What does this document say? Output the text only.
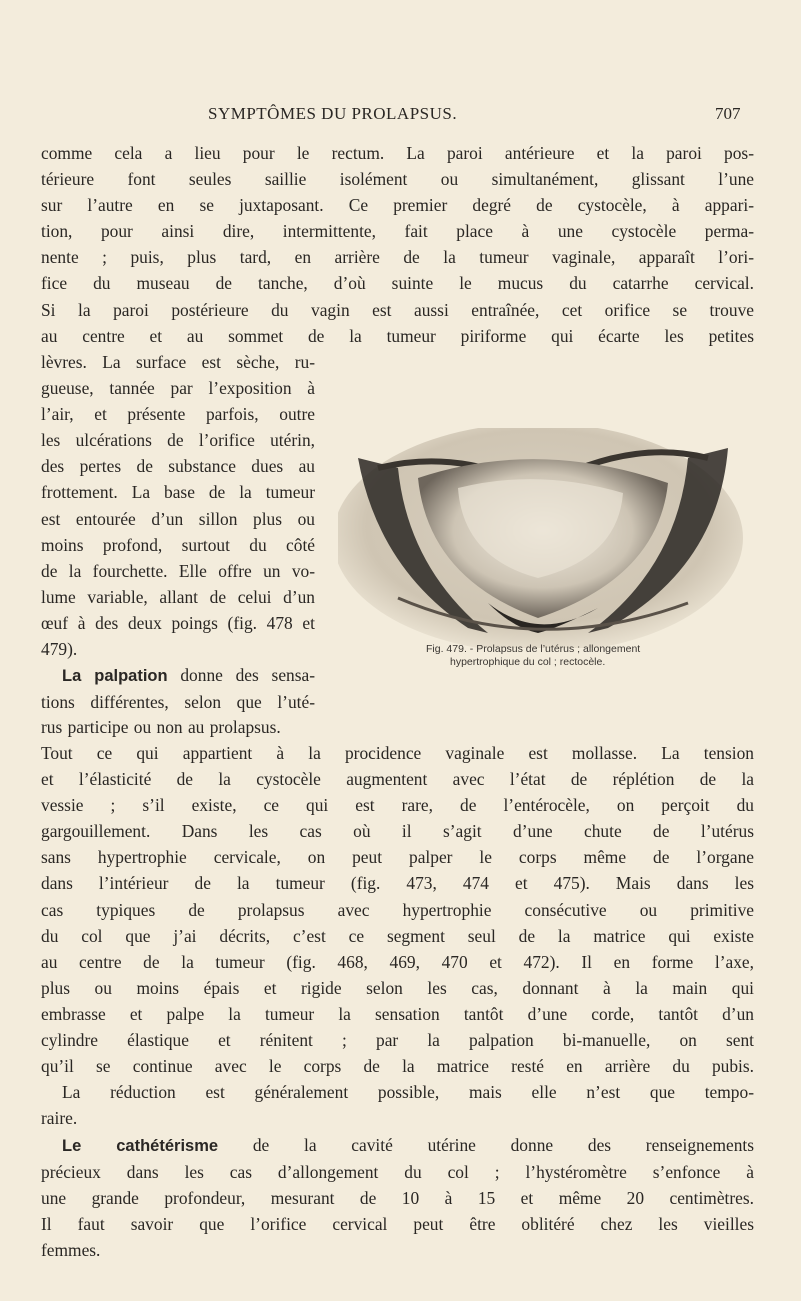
SYMPTÔMES DU PROLAPSUS.	707
comme cela a lieu pour le rectum. La paroi antérieure et la paroi pos-
térieure font seules saillie isolément ou simultanément, glissant l’une
sur l’autre en se juxtaposant. Ce premier degré de cystocèle, à appari-
tion, pour ainsi dire, intermittente, fait place à une cystocèle perma-
nente ; puis, plus tard, en arrière de la tumeur vaginale, apparaît l’ori-
fice du museau de tanche, d’où suinte le mucus du catarrhe cervical.
Si la paroi postérieure du vagin est aussi entraînée, cet orifice se trouve
au centre et au sommet de la tumeur piriforme qui écarte les petites
lèvres. La surface est sèche, ru-
gueuse, tannée par l’exposition à
l’air, et présente parfois, outre
les ulcérations de l’orifice utérin,
des pertes de substance dues au
frottement. La base de la tumeur
est entourée d’un sillon plus ou
moins profond, surtout du côté
de la fourchette. Elle offre un vo-
lume variable, allant de celui d’un
œuf à des deux poings (fig. 478 et
479).
La palpation donne des sensa-
tions différentes, selon que l’uté-
rus participe ou non au prolapsus.
Tout ce qui appartient à la procidence vaginale est mollasse. La tension
et l’élasticité de la cystocèle augmentent avec l’état de réplétion de la
vessie ; s’il existe, ce qui est rare, de l’entérocèle, on perçoit du
gargouillement. Dans les cas où il s’agit d’une chute de l’utérus
sans hypertrophie cervicale, on peut palper le corps même de l’organe
dans l’intérieur de la tumeur (fig. 473, 474 et 475). Mais dans les
cas typiques de prolapsus avec hypertrophie consécutive ou primitive
du col que j’ai décrits, c’est ce segment seul de la matrice qui existe
au centre de la tumeur (fig. 468, 469, 470 et 472). Il en forme l’axe,
plus ou moins épais et rigide selon les cas, donnant à la main qui
embrasse et palpe la tumeur la sensation tantôt d’une corde, tantôt d’un
cylindre élastique et rénitent ; par la palpation bi-manuelle, on sent
qu’il se continue avec le corps de la matrice resté en arrière du pubis.
La réduction est généralement possible, mais elle n’est que tempo-
raire.
Le cathétérisme de la cavité utérine donne des renseignements
précieux dans les cas d’allongement du col ; l’hystéromètre s’enfonce à
une grande profondeur, mesurant de 10 à 15 et même 20 centimètres.
Il faut savoir que l’orifice cervical peut être oblitéré chez les vieilles
femmes.
Fig. 479. - Prolapsus de l’utérus ; allongement
hypertrophique du col ; rectocèle.
